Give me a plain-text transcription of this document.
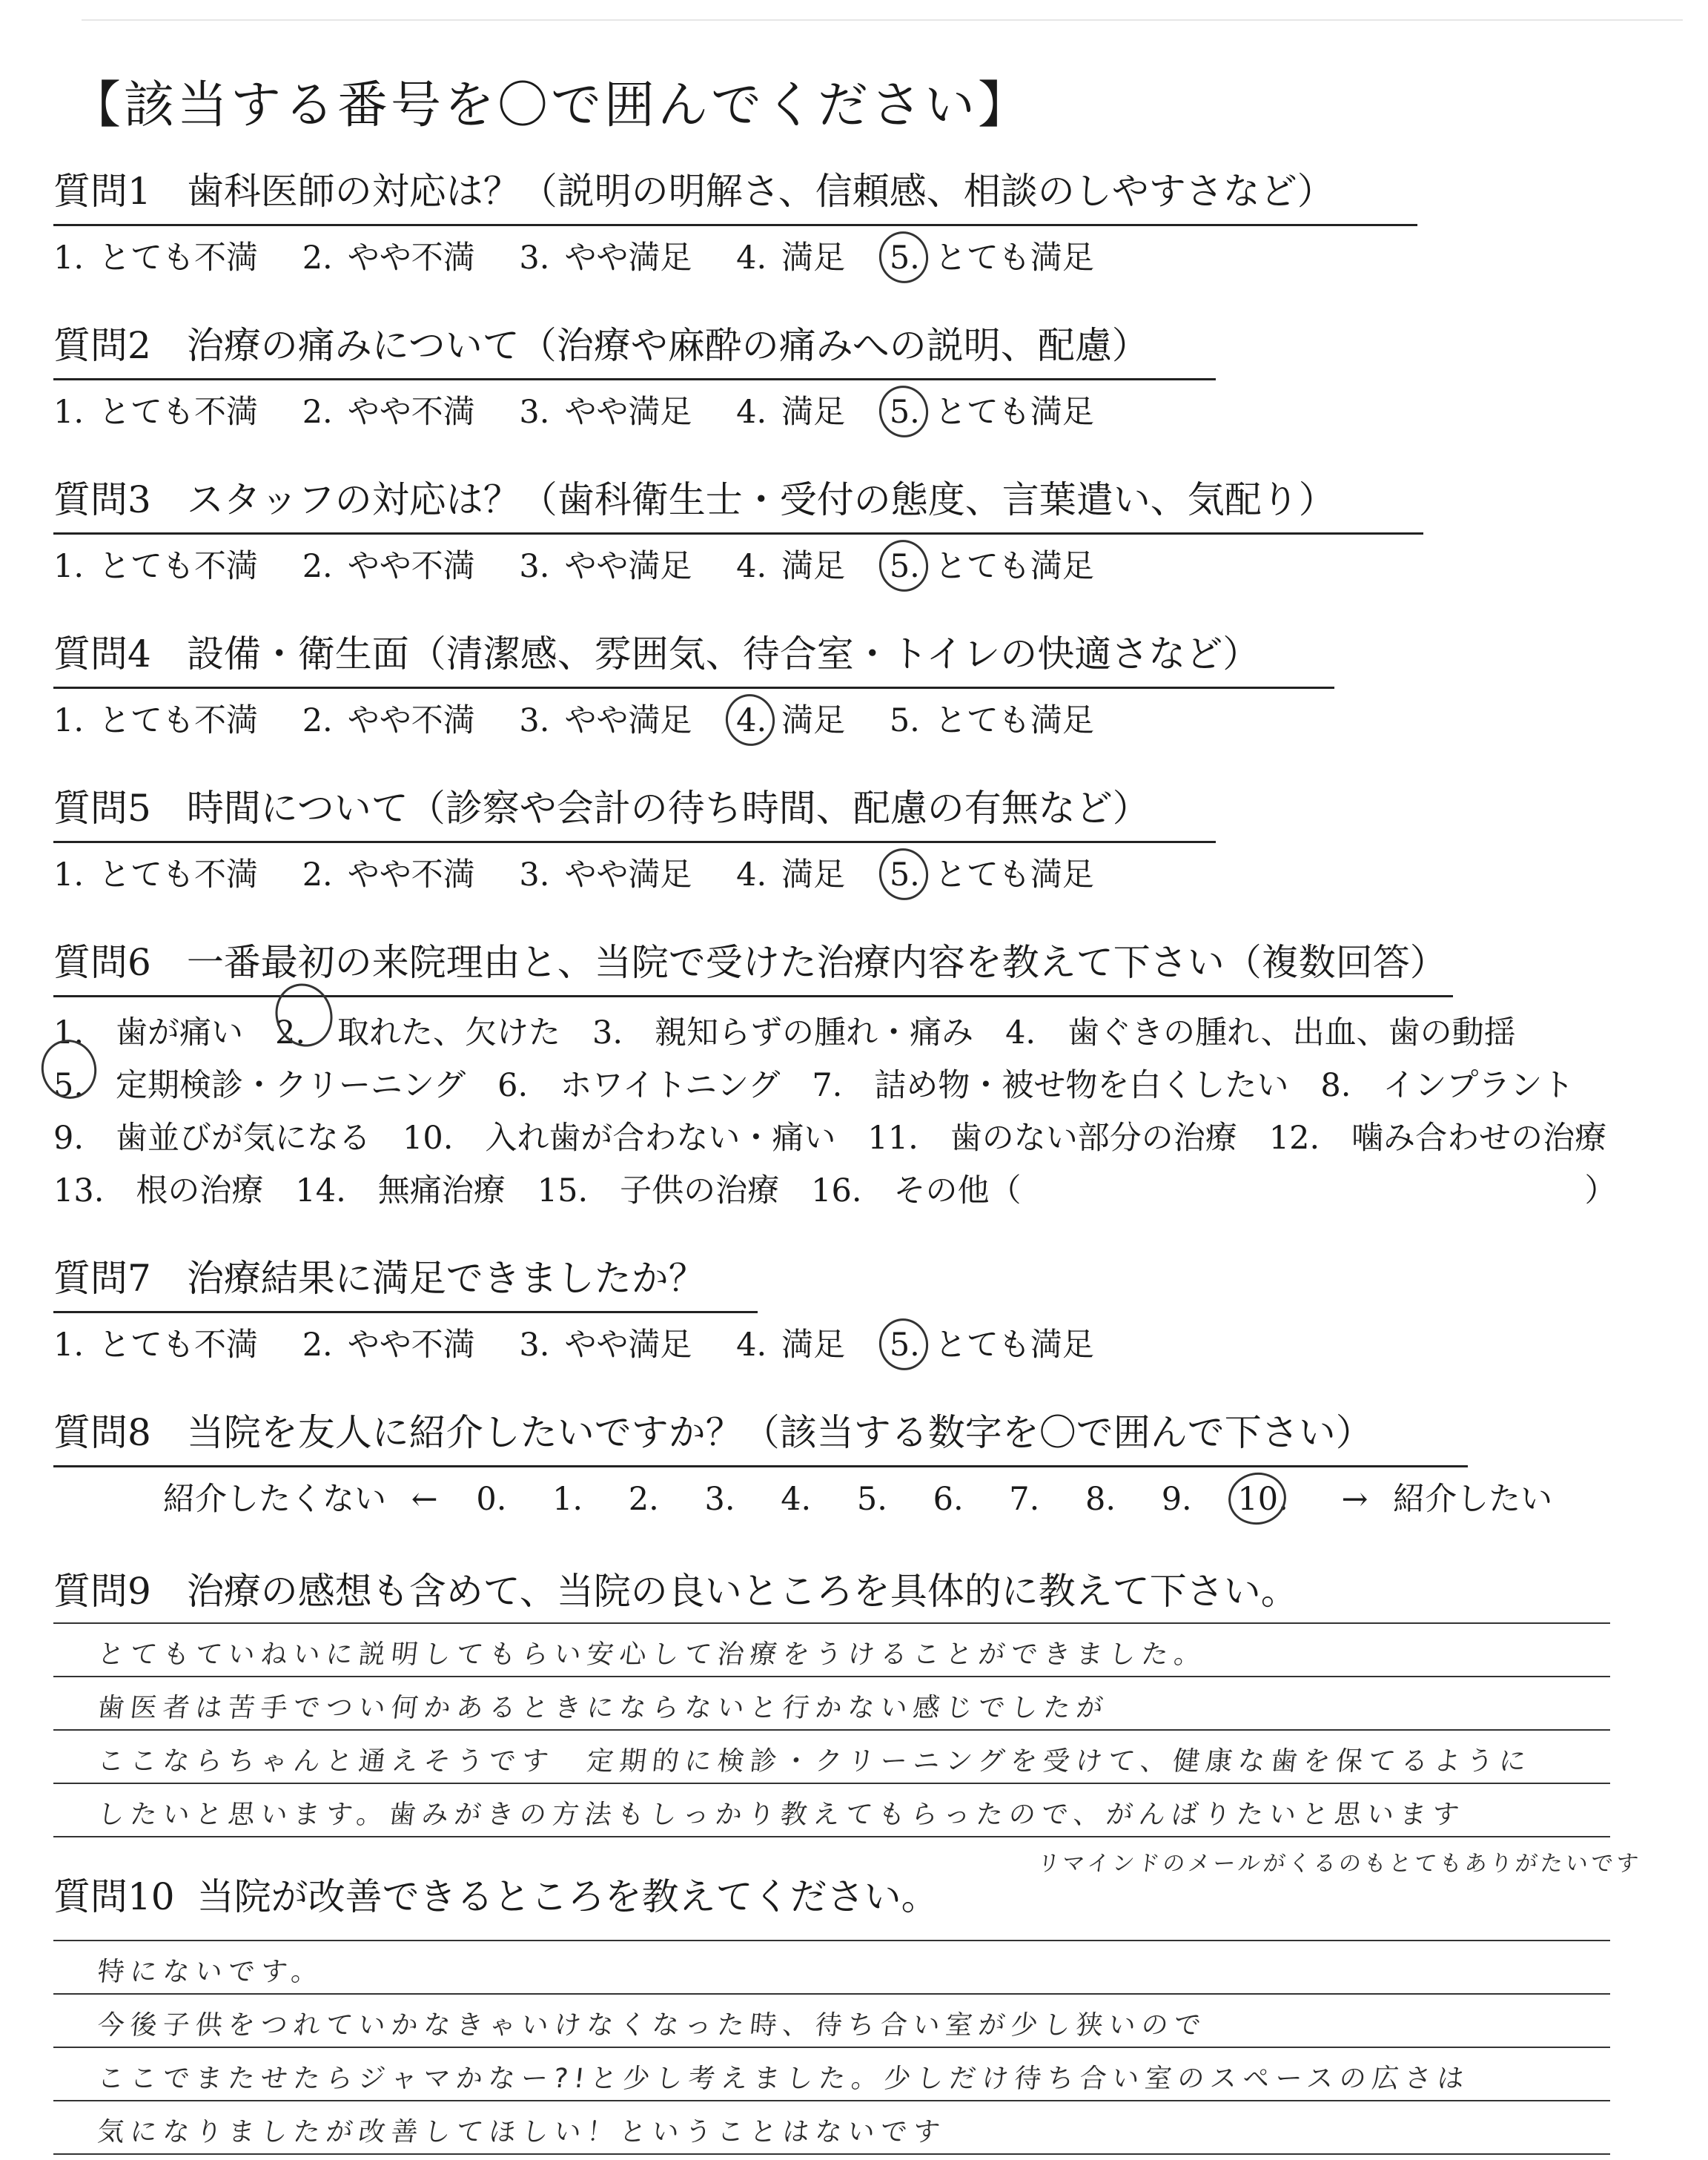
【該当する番号を〇で囲んでください】
質問1 歯科医師の対応は？（説明の明解さ、信頼感、相談のしやすさなど）
1. とても不満 2. やや不満 3. やや満足 4. 満足 5. とても満足
質問2 治療の痛みについて（治療や麻酔の痛みへの説明、配慮）
1. とても不満 2. やや不満 3. やや満足 4. 満足 5. とても満足
質問3 スタッフの対応は？（歯科衛生士・受付の態度、言葉遣い、気配り）
1. とても不満 2. やや不満 3. やや満足 4. 満足 5. とても満足
質問4 設備・衛生面（清潔感、雰囲気、待合室・トイレの快適さなど）
1. とても不満 2. やや不満 3. やや満足 4. 満足 5. とても満足
質問5 時間について（診察や会計の待ち時間、配慮の有無など）
1. とても不満 2. やや不満 3. やや満足 4. 満足 5. とても満足
質問6 一番最初の来院理由と、当院で受けた治療内容を教えて下さい（複数回答）
1.　歯が痛い　2.　取れた、欠けた　3.　親知らずの腫れ・痛み　4.　歯ぐきの腫れ、出血、歯の動揺
5.　定期検診・クリーニング　6.　ホワイトニング　7.　詰め物・被せ物を白くしたい　8.　インプラント
9.　歯並びが気になる　10.　入れ歯が合わない・痛い　11.　歯のない部分の治療　12.　噛み合わせの治療
13.　根の治療　14.　無痛治療　15.　子供の治療　16.　その他（	）
質問7 治療結果に満足できましたか？
1. とても不満 2. やや不満 3. やや満足 4. 満足 5. とても満足
質問8 当院を友人に紹介したいですか？（該当する数字を〇で囲んで下さい）
紹介したくない ← 0. 1. 2. 3. 4. 5. 6. 7. 8. 9. 10. → 紹介したい
質問9 治療の感想も含めて、当院の良いところを具体的に教えて下さい。
とてもていねいに説明してもらい安心して治療をうけることができました。
歯医者は苦手でつい何かあるときにならないと行かない感じでしたが
ここならちゃんと通えそうです　定期的に検診・クリーニングを受けて、健康な歯を保てるように
したいと思います。歯みがきの方法もしっかり教えてもらったので、がんばりたいと思います
リマインドのメールがくるのもとてもありがたいです
質問10 当院が改善できるところを教えてください。
特にないです。
今後子供をつれていかなきゃいけなくなった時、待ち合い室が少し狭いので
ここでまたせたらジャマかなー?!と少し考えました。少しだけ待ち合い室のスペースの広さは
気になりましたが改善してほしい！ということはないです
